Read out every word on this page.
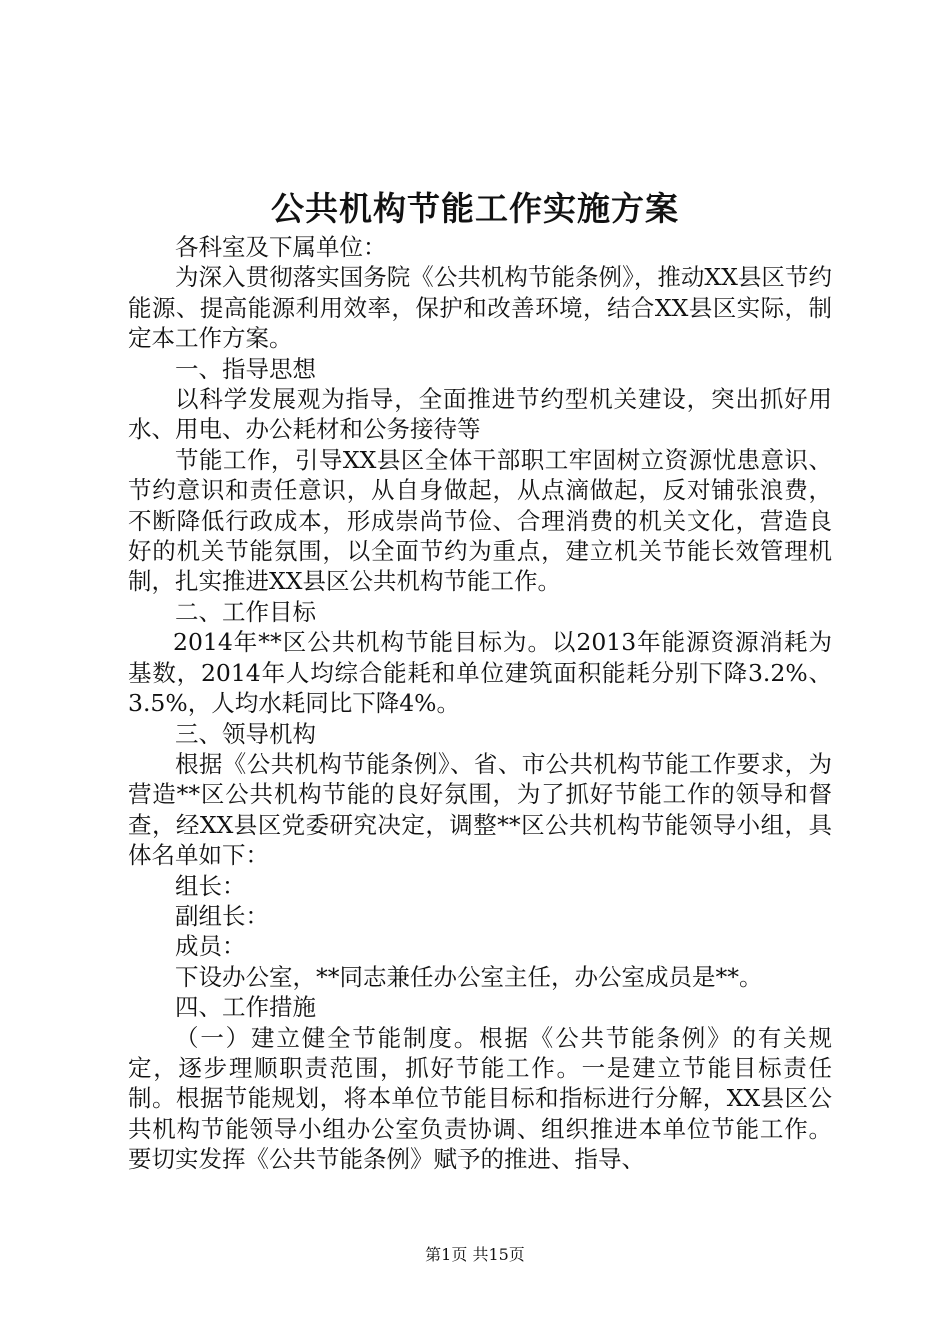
公共机构节能工作实施方案

各科室及下属单位：

为深入贯彻落实国务院《公共机构节能条例》，推动XX县区节约能源、提高能源利用效率，保护和改善环境，结合XX县区实际，制定本工作方案。

一、指导思想

以科学发展观为指导，全面推进节约型机关建设，突出抓好用水、用电、办公耗材和公务接待等

节能工作，引导XX县区全体干部职工牢固树立资源忧患意识、节约意识和责任意识，从自身做起，从点滴做起，反对铺张浪费，不断降低行政成本，形成崇尚节俭、合理消费的机关文化，营造良好的机关节能氛围，以全面节约为重点，建立机关节能长效管理机制，扎实推进XX县区公共机构节能工作。

二、工作目标

2014年**区公共机构节能目标为。以2013年能源资源消耗为基数，2014年人均综合能耗和单位建筑面积能耗分别下降3.2%、3.5%，人均水耗同比下降4%。

三、领导机构

根据《公共机构节能条例》、省、市公共机构节能工作要求，为营造**区公共机构节能的良好氛围，为了抓好节能工作的领导和督查，经XX县区党委研究决定，调整**区公共机构节能领导小组，具体名单如下：

组长：

副组长：

成员：

下设办公室，**同志兼任办公室主任，办公室成员是**。

四、工作措施

（一）建立健全节能制度。根据《公共节能条例》的有关规定，逐步理顺职责范围，抓好节能工作。一是建立节能目标责任制。根据节能规划，将本单位节能目标和指标进行分解，XX县区公共机构节能领导小组办公室负责协调、组织推进本单位节能工作。要切实发挥《公共节能条例》赋予的推进、指导、

第1页 共15页
